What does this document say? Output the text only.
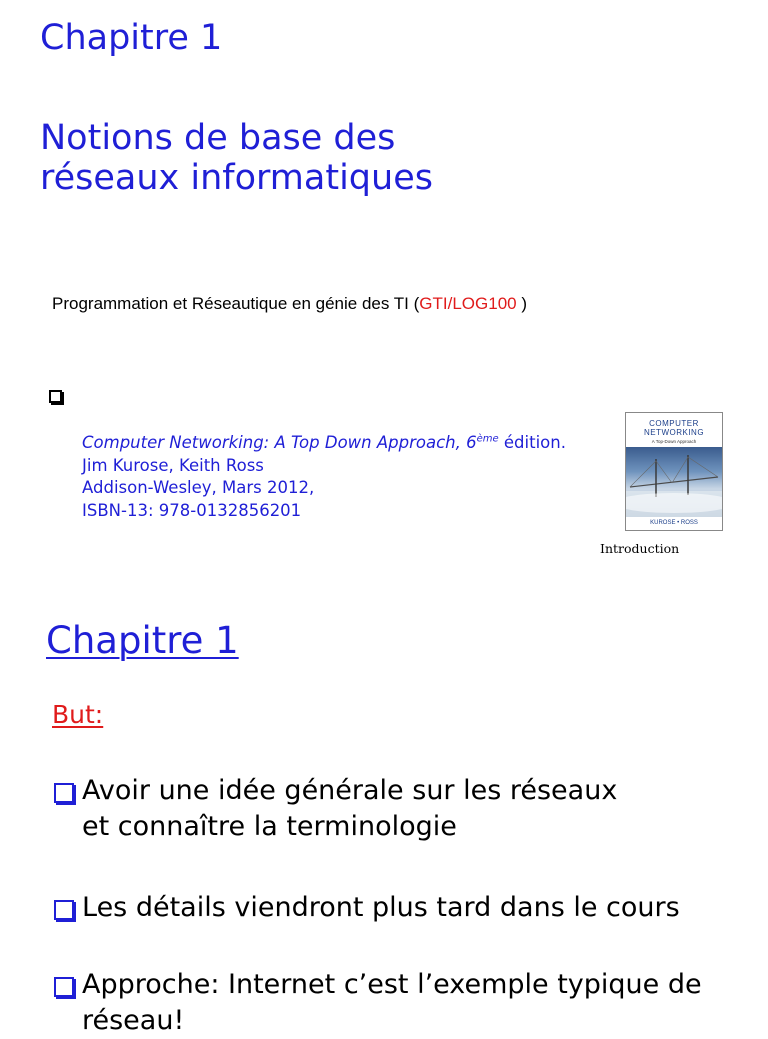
Chapitre 1
Notions de base des
réseaux informatiques
Programmation et Réseautique en génie des TI (GTI/LOG100 )
Computer Networking: A Top Down Approach, 6ème édition.
Jim Kurose, Keith Ross
Addison-Wesley, Mars 2012,
ISBN-13: 978-0132856201
COMPUTER
NETWORKING
A Top-Down Approach
KUROSE • ROSS
Introduction
Chapitre 1
But:
Avoir une idée générale sur les réseaux
et connaître la terminologie
Les détails viendront plus tard dans le cours
Approche: Internet c’est l’exemple typique de
réseau!
